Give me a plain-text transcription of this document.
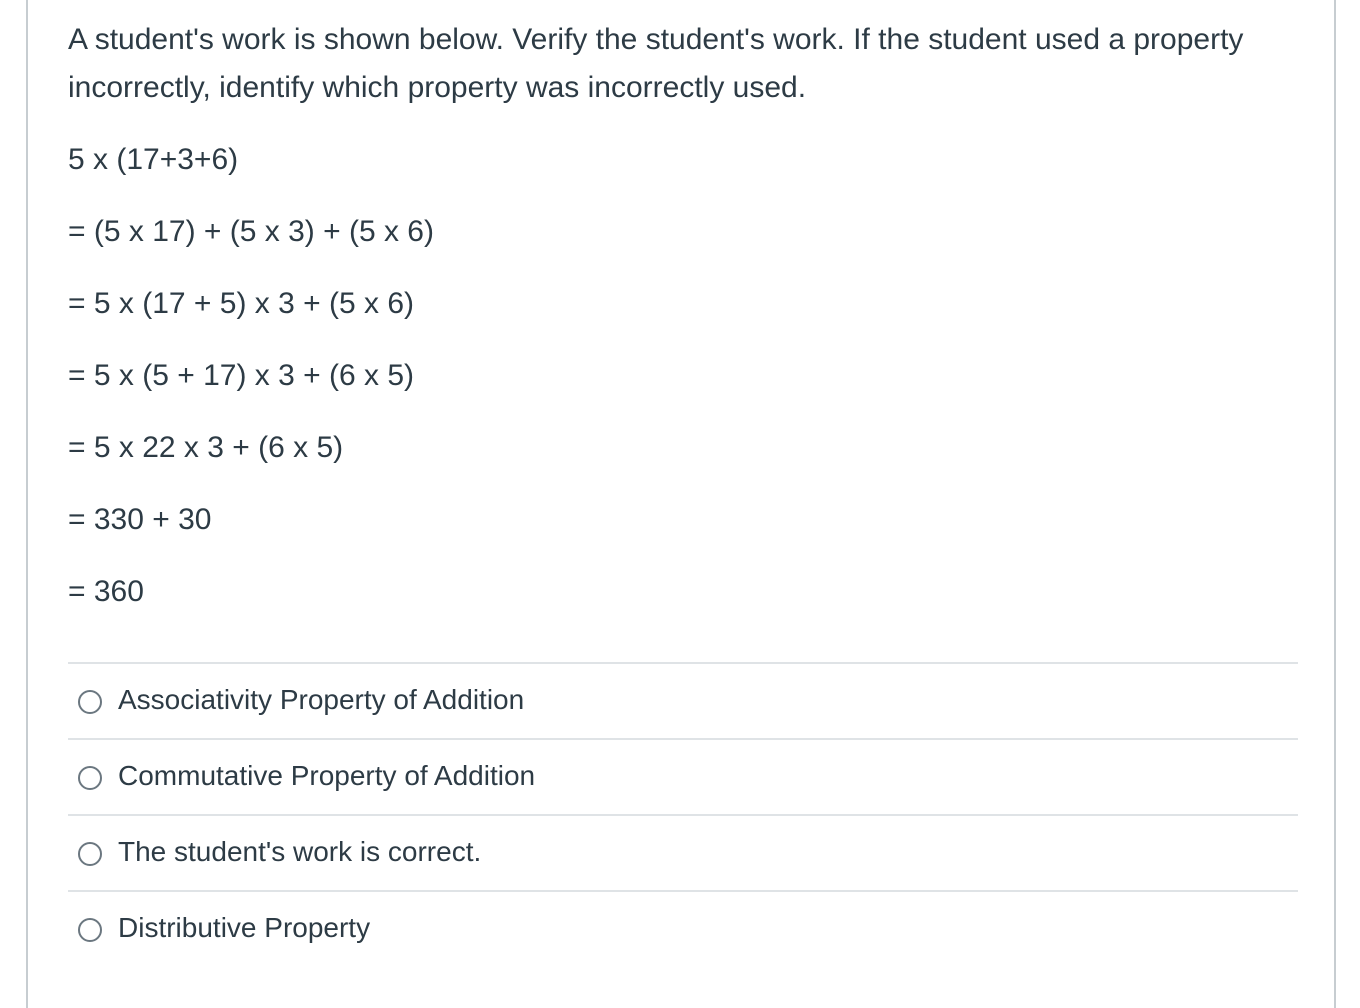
A student's work is shown below. Verify the student's work. If the student used a property incorrectly, identify which property was incorrectly used.

5 x (17+3+6)

= (5 x 17) + (5 x 3) + (5 x 6)

= 5 x (17 + 5) x 3 + (5 x 6)

= 5 x (5 + 17) x 3 + (6 x 5)

= 5 x 22 x 3 + (6 x 5)

= 330 + 30

= 360

Associativity Property of Addition
Commutative Property of Addition
The student's work is correct.
Distributive Property
